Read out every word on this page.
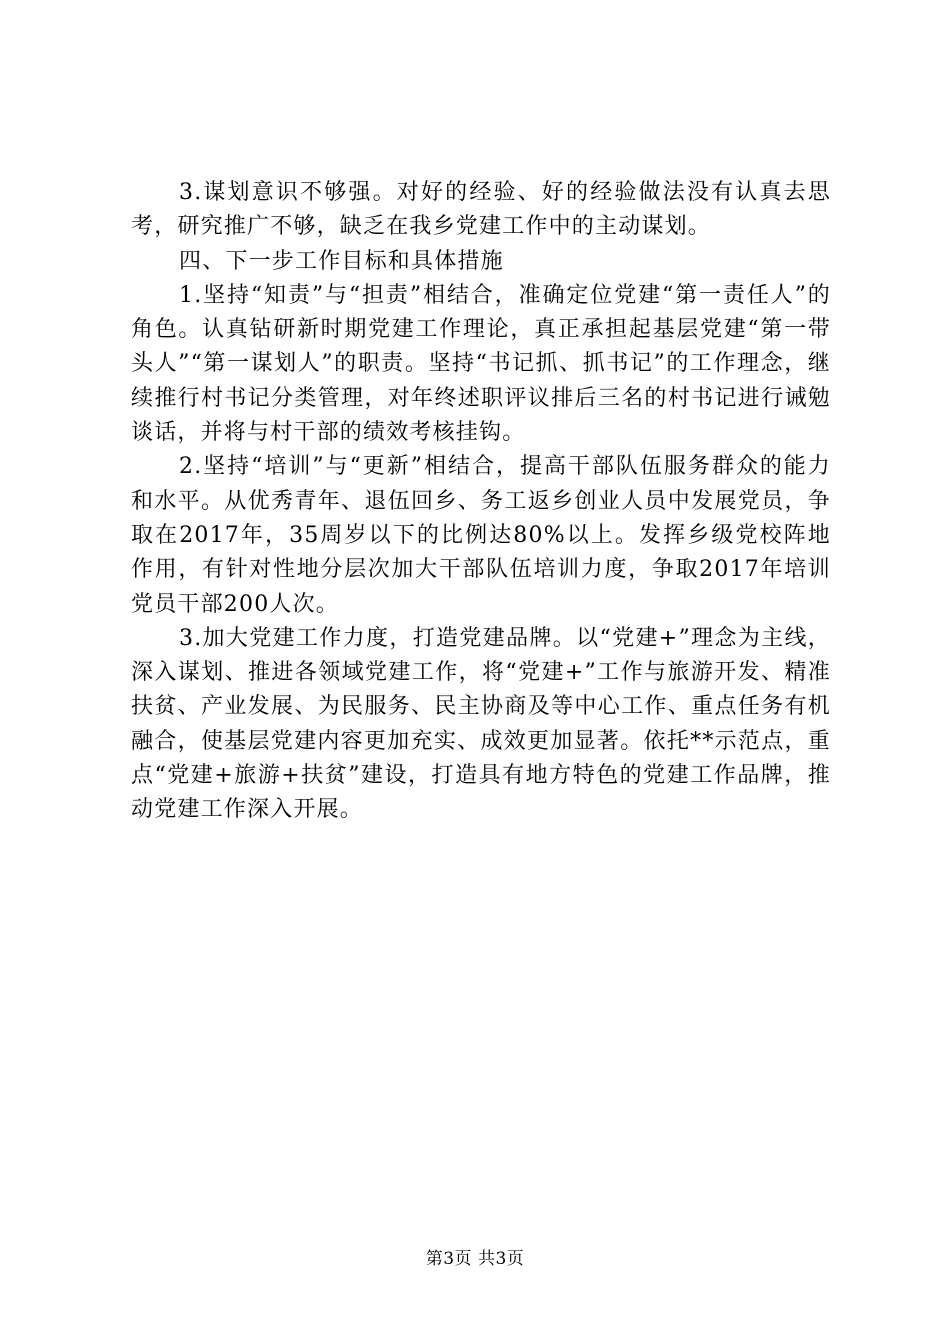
3.谋划意识不够强。对好的经验、好的经验做法没有认真去思考，研究推广不够，缺乏在我乡党建工作中的主动谋划。

四、下一步工作目标和具体措施

1.坚持“知责”与“担责”相结合，准确定位党建“第一责任人”的角色。认真钻研新时期党建工作理论，真正承担起基层党建“第一带头人”“第一谋划人”的职责。坚持“书记抓、抓书记”的工作理念，继续推行村书记分类管理，对年终述职评议排后三名的村书记进行诫勉谈话，并将与村干部的绩效考核挂钩。

2.坚持“培训”与“更新”相结合，提高干部队伍服务群众的能力和水平。从优秀青年、退伍回乡、务工返乡创业人员中发展党员，争取在2017年，35周岁以下的比例达80%以上。发挥乡级党校阵地作用，有针对性地分层次加大干部队伍培训力度，争取2017年培训党员干部200人次。

3.加大党建工作力度，打造党建品牌。以“党建+”理念为主线，深入谋划、推进各领域党建工作，将“党建+”工作与旅游开发、精准扶贫、产业发展、为民服务、民主协商及等中心工作、重点任务有机融合，使基层党建内容更加充实、成效更加显著。依托**示范点，重点“党建+旅游+扶贫”建设，打造具有地方特色的党建工作品牌，推动党建工作深入开展。

第3页 共3页
